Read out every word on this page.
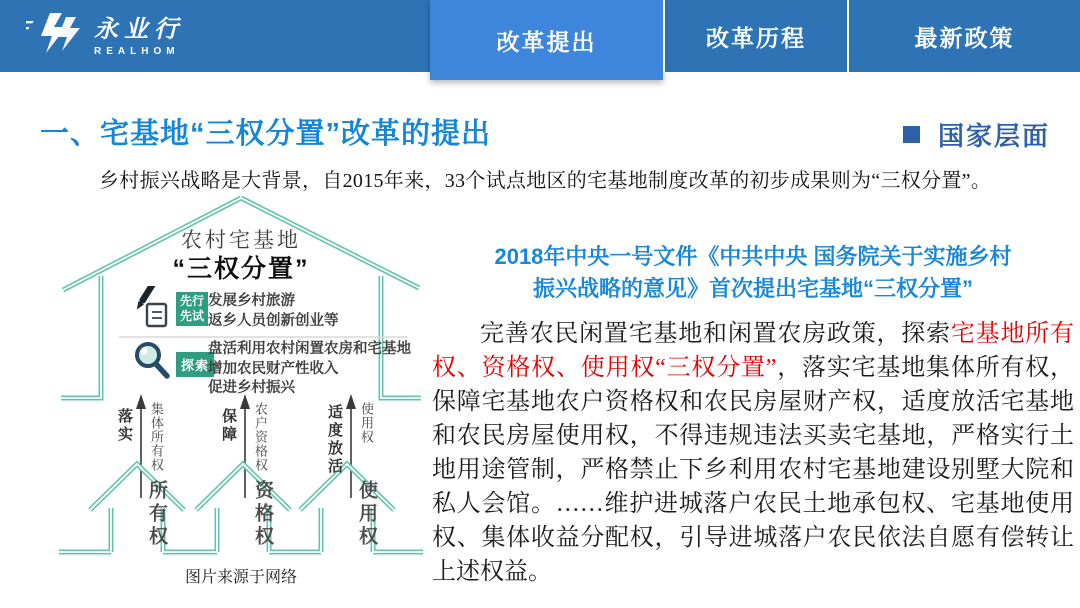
永业行
REALHOM	改革提出	改革历程	最新政策
一、宅基地“三权分置”改革的提出	国家层面
乡村振兴战略是大背景，自2015年来，33个试点地区的宅基地制度改革的初步成果则为“三权分置”。
农村宅基地
“三权分置”
先行
先试
发展乡村旅游
返乡人员创新创业等
探索
盘活利用农村闲置农房和宅基地
增加农民财产性收入
促进乡村振兴
落实 集体所有权	保障 农户资格权	适度放活 使用权
所有权	资格权	使用权
图片来源于网络
2018年中央一号文件《中共中央 国务院关于实施乡村
振兴战略的意见》首次提出宅基地“三权分置”
完善农民闲置宅基地和闲置农房政策，探索宅基地所有权、资格权、使用权“三权分置”，落实宅基地集体所有权，保障宅基地农户资格权和农民房屋财产权，适度放活宅基地和农民房屋使用权，不得违规违法买卖宅基地，严格实行土地用途管制，严格禁止下乡利用农村宅基地建设别墅大院和私人会馆。……维护进城落户农民土地承包权、宅基地使用权、集体收益分配权，引导进城落户农民依法自愿有偿转让上述权益。
